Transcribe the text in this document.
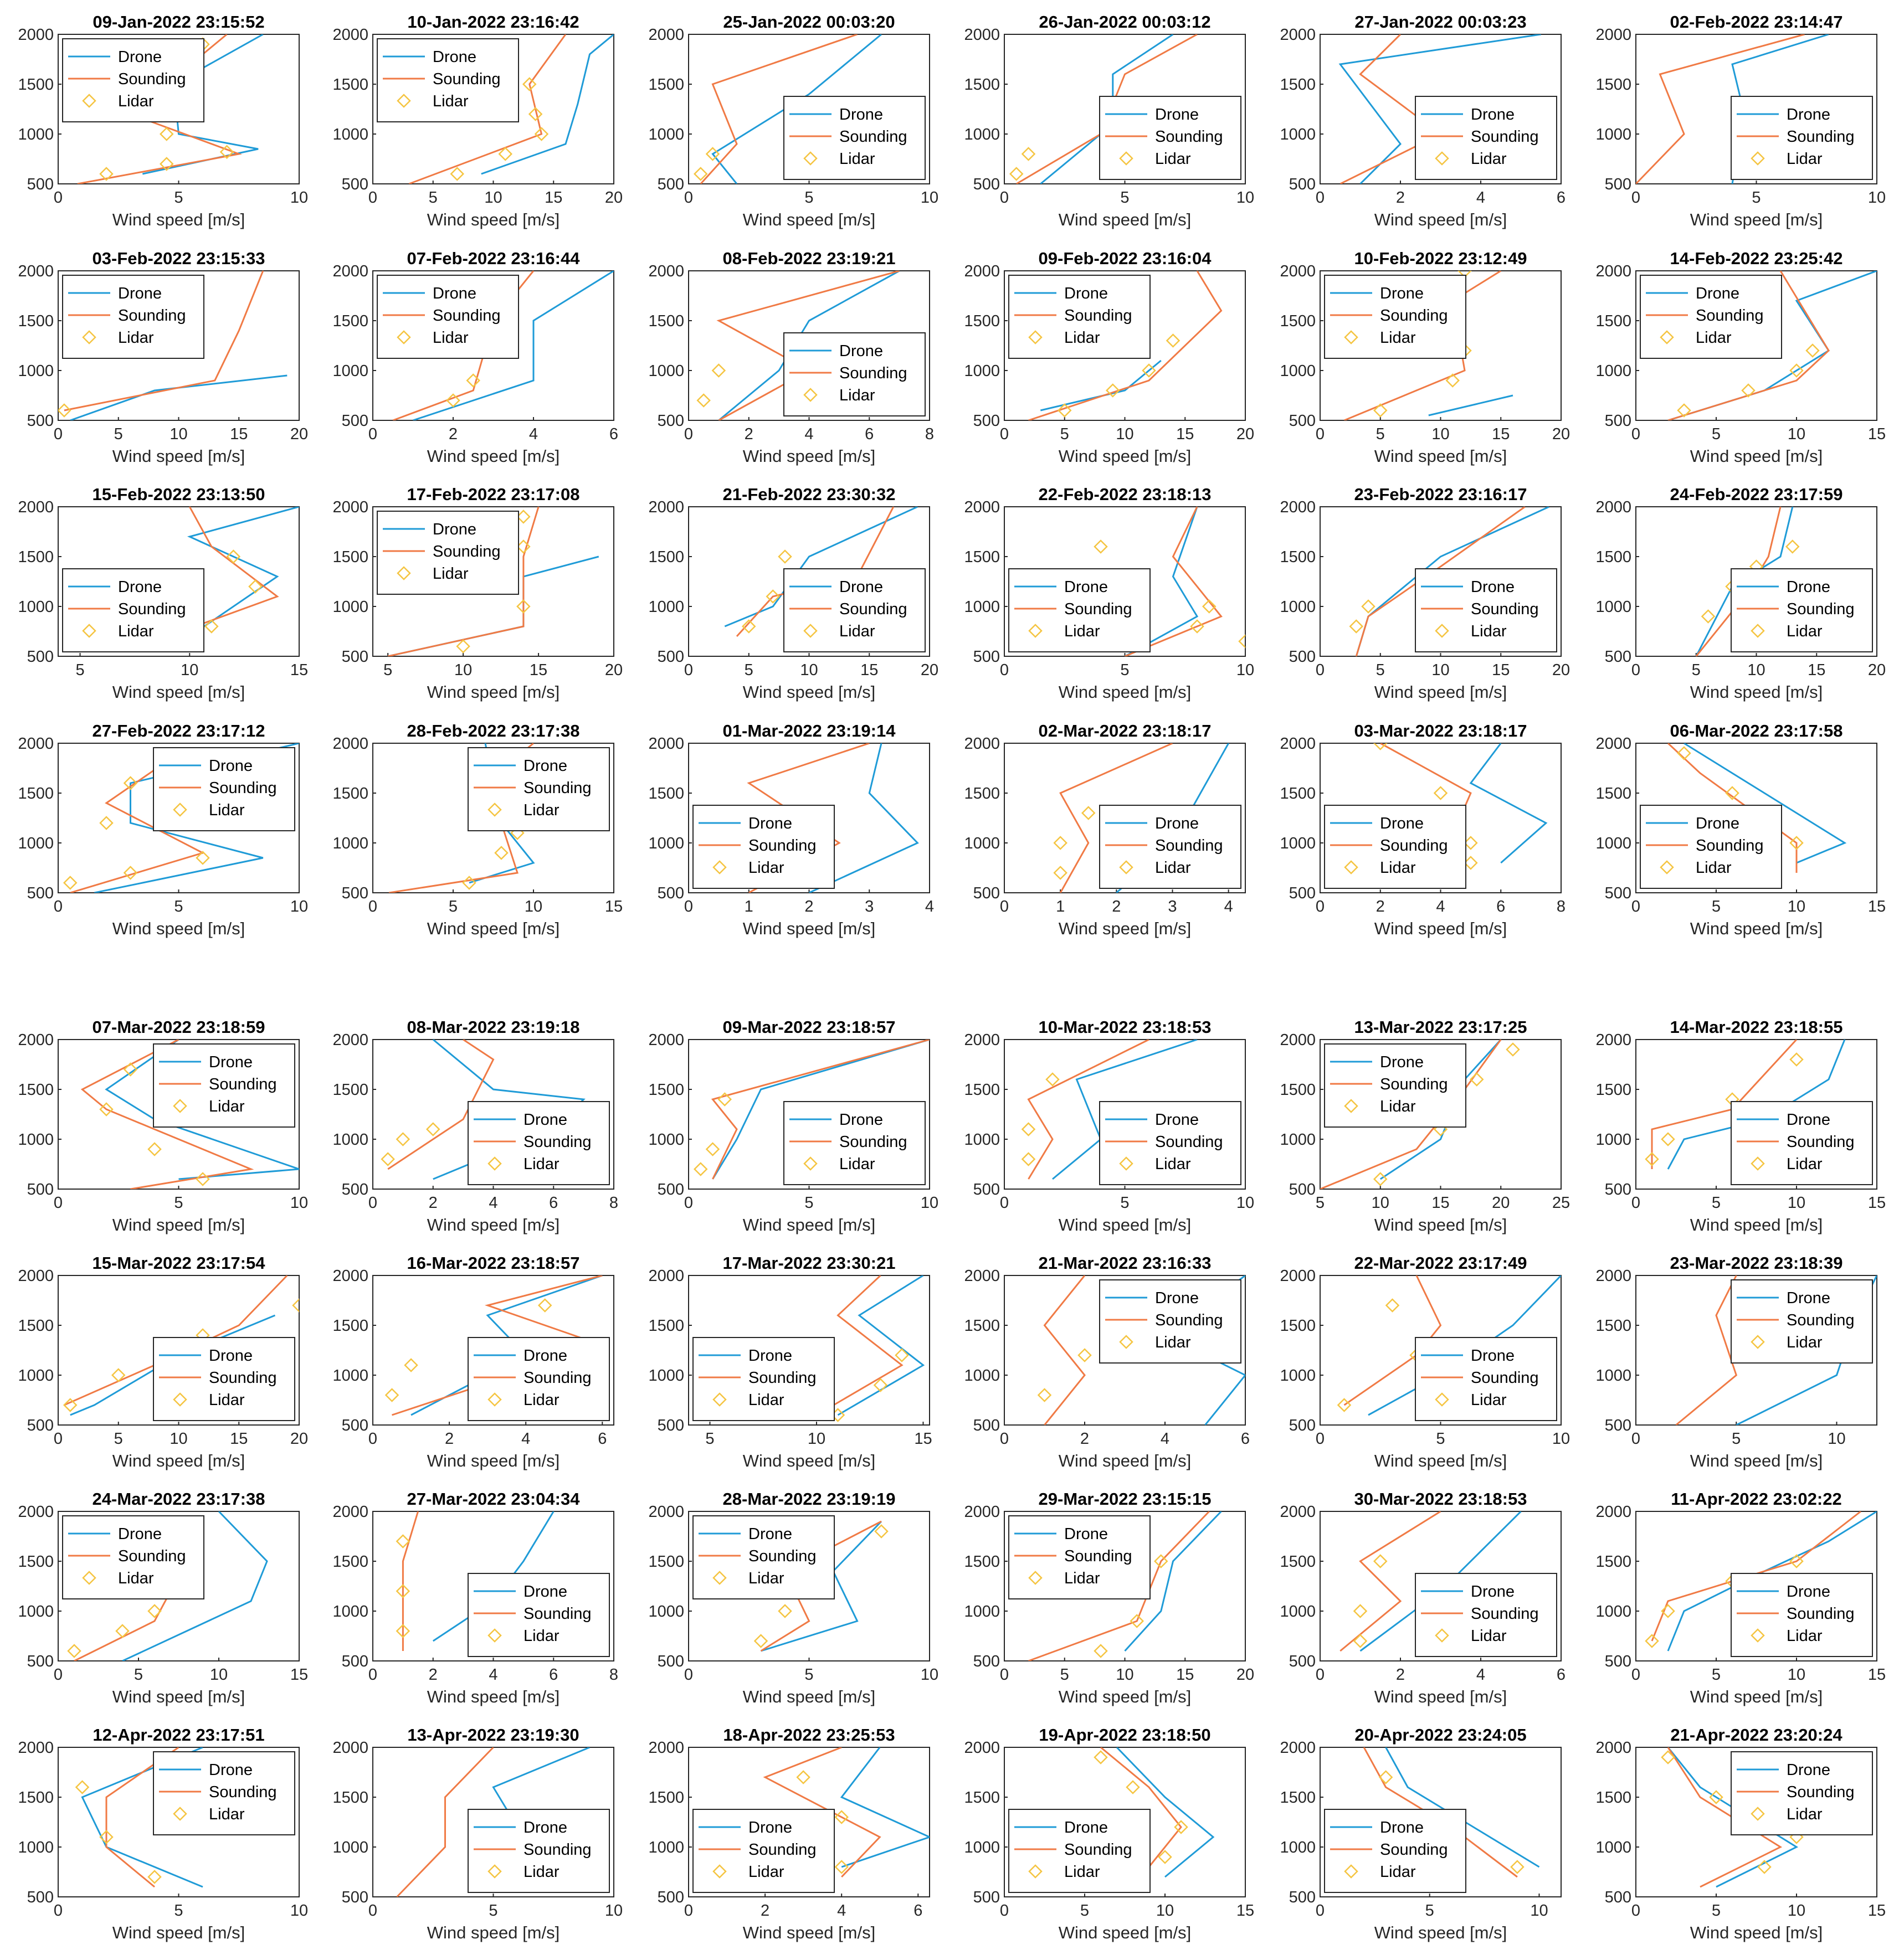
09-Jan-2022 23:15:52
500
1000
1500
2000
0	5	10
Wind speed [m/s]
Drone
Sounding
Lidar
10-Jan-2022 23:16:42
500
1000
1500
2000
0	5	10	15	20
Wind speed [m/s]
Drone
Sounding
Lidar
25-Jan-2022 00:03:20
500
1000
1500
2000
0	5	10
Wind speed [m/s]
Drone
Sounding
Lidar
26-Jan-2022 00:03:12
500
1000
1500
2000
0	5	10
Wind speed [m/s]
Drone
Sounding
Lidar
27-Jan-2022 00:03:23
500
1000
1500
2000
0	2	4	6
Wind speed [m/s]
Drone
Sounding
Lidar
02-Feb-2022 23:14:47
500
1000
1500
2000
0	5	10
Wind speed [m/s]
Drone
Sounding
Lidar
03-Feb-2022 23:15:33
500
1000
1500
2000
0	5	10	15	20
Wind speed [m/s]
Drone
Sounding
Lidar
07-Feb-2022 23:16:44
500
1000
1500
2000
0	2	4	6
Wind speed [m/s]
Drone
Sounding
Lidar
08-Feb-2022 23:19:21
500
1000
1500
2000
0	2	4	6	8
Wind speed [m/s]
Drone
Sounding
Lidar
09-Feb-2022 23:16:04
500
1000
1500
2000
0	5	10	15	20
Wind speed [m/s]
Drone
Sounding
Lidar
10-Feb-2022 23:12:49
500
1000
1500
2000
0	5	10	15	20
Wind speed [m/s]
Drone
Sounding
Lidar
14-Feb-2022 23:25:42
500
1000
1500
2000
0	5	10	15
Wind speed [m/s]
Drone
Sounding
Lidar
15-Feb-2022 23:13:50
500
1000
1500
2000
5	10	15
Wind speed [m/s]
Drone
Sounding
Lidar
17-Feb-2022 23:17:08
500
1000
1500
2000
5	10	15	20
Wind speed [m/s]
Drone
Sounding
Lidar
21-Feb-2022 23:30:32
500
1000
1500
2000
0	5	10	15	20
Wind speed [m/s]
Drone
Sounding
Lidar
22-Feb-2022 23:18:13
500
1000
1500
2000
0	5	10
Wind speed [m/s]
Drone
Sounding
Lidar
23-Feb-2022 23:16:17
500
1000
1500
2000
0	5	10	15	20
Wind speed [m/s]
Drone
Sounding
Lidar
24-Feb-2022 23:17:59
500
1000
1500
2000
0	5	10	15	20
Wind speed [m/s]
Drone
Sounding
Lidar
27-Feb-2022 23:17:12
500
1000
1500
2000
0	5	10
Wind speed [m/s]
Drone
Sounding
Lidar
28-Feb-2022 23:17:38
500
1000
1500
2000
0	5	10	15
Wind speed [m/s]
Drone
Sounding
Lidar
01-Mar-2022 23:19:14
500
1000
1500
2000
0	1	2	3	4
Wind speed [m/s]
Drone
Sounding
Lidar
02-Mar-2022 23:18:17
500
1000
1500
2000
0	1	2	3	4
Wind speed [m/s]
Drone
Sounding
Lidar
03-Mar-2022 23:18:17
500
1000
1500
2000
0	2	4	6	8
Wind speed [m/s]
Drone
Sounding
Lidar
06-Mar-2022 23:17:58
500
1000
1500
2000
0	5	10	15
Wind speed [m/s]
Drone
Sounding
Lidar
07-Mar-2022 23:18:59
500
1000
1500
2000
0	5	10
Wind speed [m/s]
Drone
Sounding
Lidar
08-Mar-2022 23:19:18
500
1000
1500
2000
0	2	4	6	8
Wind speed [m/s]
Drone
Sounding
Lidar
09-Mar-2022 23:18:57
500
1000
1500
2000
0	5	10
Wind speed [m/s]
Drone
Sounding
Lidar
10-Mar-2022 23:18:53
500
1000
1500
2000
0	5	10
Wind speed [m/s]
Drone
Sounding
Lidar
13-Mar-2022 23:17:25
500
1000
1500
2000
5	10	15	20	25
Wind speed [m/s]
Drone
Sounding
Lidar
14-Mar-2022 23:18:55
500
1000
1500
2000
0	5	10	15
Wind speed [m/s]
Drone
Sounding
Lidar
15-Mar-2022 23:17:54
500
1000
1500
2000
0	5	10	15	20
Wind speed [m/s]
Drone
Sounding
Lidar
16-Mar-2022 23:18:57
500
1000
1500
2000
0	2	4	6
Wind speed [m/s]
Drone
Sounding
Lidar
17-Mar-2022 23:30:21
500
1000
1500
2000
5	10	15
Wind speed [m/s]
Drone
Sounding
Lidar
21-Mar-2022 23:16:33
500
1000
1500
2000
0	2	4	6
Wind speed [m/s]
Drone
Sounding
Lidar
22-Mar-2022 23:17:49
500
1000
1500
2000
0	5	10
Wind speed [m/s]
Drone
Sounding
Lidar
23-Mar-2022 23:18:39
500
1000
1500
2000
0	5	10
Wind speed [m/s]
Drone
Sounding
Lidar
24-Mar-2022 23:17:38
500
1000
1500
2000
0	5	10	15
Wind speed [m/s]
Drone
Sounding
Lidar
27-Mar-2022 23:04:34
500
1000
1500
2000
0	2	4	6	8
Wind speed [m/s]
Drone
Sounding
Lidar
28-Mar-2022 23:19:19
500
1000
1500
2000
0	5	10
Wind speed [m/s]
Drone
Sounding
Lidar
29-Mar-2022 23:15:15
500
1000
1500
2000
0	5	10	15	20
Wind speed [m/s]
Drone
Sounding
Lidar
30-Mar-2022 23:18:53
500
1000
1500
2000
0	2	4	6
Wind speed [m/s]
Drone
Sounding
Lidar
11-Apr-2022 23:02:22
500
1000
1500
2000
0	5	10	15
Wind speed [m/s]
Drone
Sounding
Lidar
12-Apr-2022 23:17:51
500
1000
1500
2000
0	5	10
Wind speed [m/s]
Drone
Sounding
Lidar
13-Apr-2022 23:19:30
500
1000
1500
2000
0	5	10
Wind speed [m/s]
Drone
Sounding
Lidar
18-Apr-2022 23:25:53
500
1000
1500
2000
0	2	4	6
Wind speed [m/s]
Drone
Sounding
Lidar
19-Apr-2022 23:18:50
500
1000
1500
2000
0	5	10	15
Wind speed [m/s]
Drone
Sounding
Lidar
20-Apr-2022 23:24:05
500
1000
1500
2000
0	5	10
Wind speed [m/s]
Drone
Sounding
Lidar
21-Apr-2022 23:20:24
500
1000
1500
2000
0	5	10	15
Wind speed [m/s]
Drone
Sounding
Lidar
